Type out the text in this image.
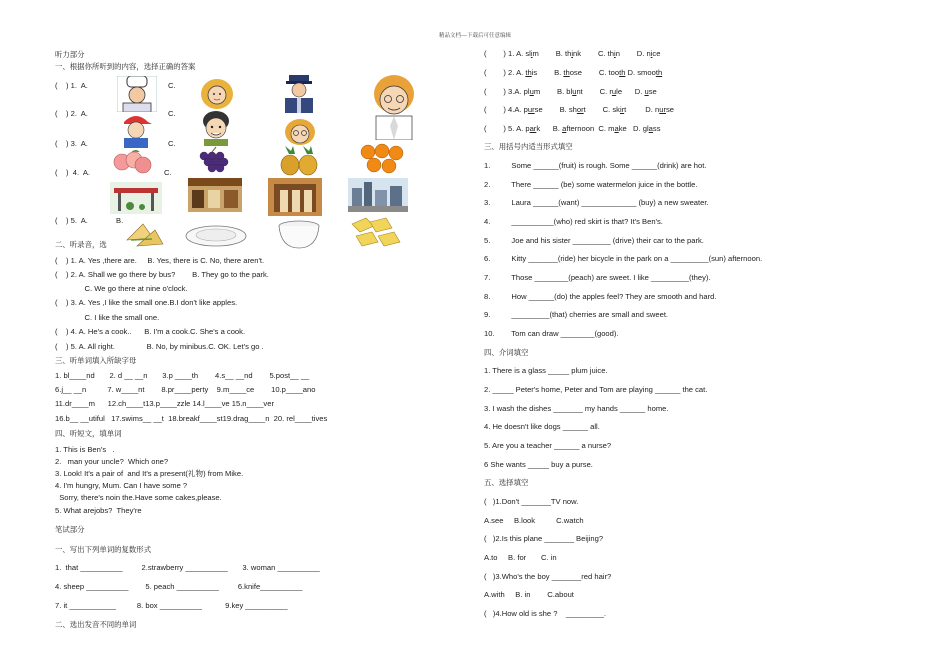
精品文档---下载后可任意编辑
听力部分
一、根据你所听到的内容，选择正确的答案
(    ) 1.  A.	C.
(    ) 2.  A.	C.
(    ) 3.  A.	C.
(    )  4.  A.	C.
(    ) 5.  A.	B.
二、听录音，选
(    ) 1. A. Yes ,there are.     B. Yes, there is C. No, there aren't.
(    ) 2. A. Shall we go there by bus?        B. They go to the park.
C. We go there at nine o'clock.
(    ) 3. A. Yes ,I like the small one.B.I don't like apples.
C. I like the small one.
(    ) 4. A. He's a cook..      B. I'm a cook.C. She's a cook.
(    ) 5. A. All right.               B. No, by minibus.C. OK. Let's go .
三、听单词填入所缺字母
1. bl____nd       2. d __ __n       3.p ____th        4.s__ __nd        5.post__ __
6.j__ __n          7. w____nt        8.pr____perty    9.m____ce        10.p____ano
11.dr____m      12.ch____t13.p____zzle 14.l____ve 15.n____ver
16.b__ __utiful   17.swims__ __t  18.breakf____st19.drag____n  20. rel____tives
四、听短文，填单词
1. This is Ben's   .
2.   man your uncle?  Which one?
3. Look! It's a pair of  and It's a present(礼物) from Mike.
4. I'm hungry, Mum. Can I have some ?
Sorry, there's noin the.Have some cakes,please.
5. What arejobs?  They're
笔试部分
一、写出下列单词的复数形式
1.  that __________         2.strawberry __________       3. woman __________
4. sheep __________        5. peach __________         6.knife__________
7. it ___________          8. box __________           9.key __________
二、选出发音不同的单词
(        ) 1. A. slim        B. think        C. thin        D. nice
(        ) 2. A. this        B. those        C. tooth D. smooth
(        ) 3.A. plum        B. blunt        C. rule      D. use
(        ) 4.A. purse        B. short        C. skirt         D. nurse
(        ) 5. A. park      B. afternoon  C. make   D. glass
三、用括号内适当形式填空
1.          Some ______(fruit) is rough. Some ______(drink) are hot.
2.          There ______ (be) some watermelon juice in the bottle.
3.          Laura ______(want) _____________ (buy) a new sweater.
4.          __________(who) red skirt is that? It's Ben's.
5.          Joe and his sister _________ (drive) their car to the park.
6.          Kitty _______(ride) her bicycle in the park on a _________(sun) afternoon.
7.          Those ________(peach) are sweet. I like _________(they).
8.          How ______(do) the apples feel? They are smooth and hard.
9.          _________(that) cherries are small and sweet.
10.        Tom can draw ________(good).
四、介词填空
1. There is a glass _____ plum juice.
2. _____ Peter's home, Peter and Tom are playing ______ the cat.
3. I wash the dishes _______ my hands ______ home.
4. He doesn't like dogs ______ all.
5. Are you a teacher ______ a nurse?
6 She wants _____ buy a purse.
五、选择填空
(   )1.Don't _______TV now.
A.see     B.look          C.watch
(   )2.Is this plane _______ Beijing?
A.to     B. for       C. in
(   )3.Who's the boy _______red hair?
A.with     B. in        C.about
(   )4.How old is she ?    _________.
